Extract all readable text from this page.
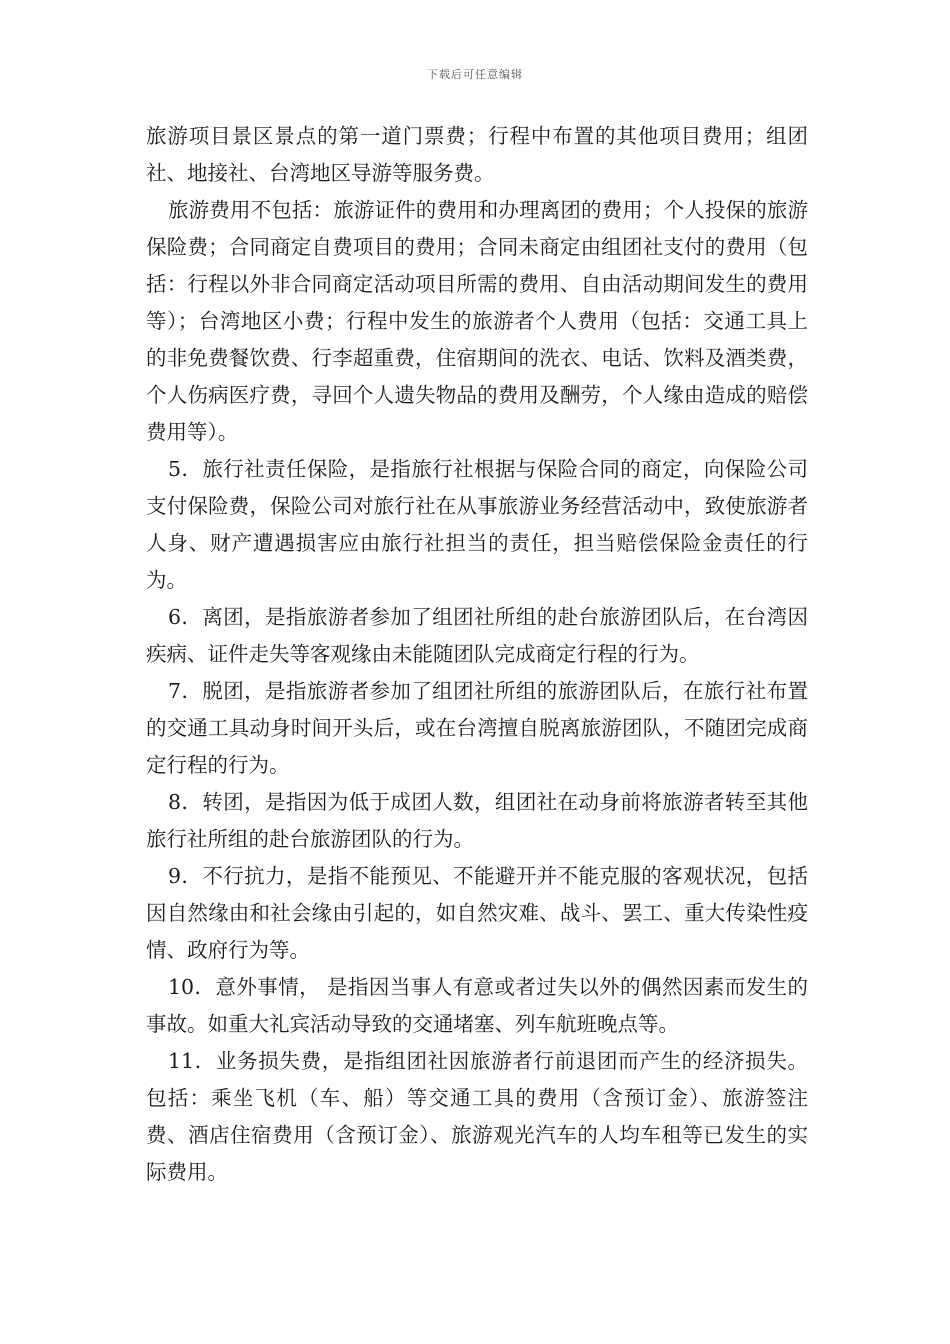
下载后可任意编辑

旅游项目景区景点的第一道门票费；行程中布置的其他项目费用；组团社、地接社、台湾地区导游等服务费。

旅游费用不包括：旅游证件的费用和办理离团的费用；个人投保的旅游保险费；合同商定自费项目的费用；合同未商定由组团社支付的费用（包括：行程以外非合同商定活动项目所需的费用、自由活动期间发生的费用等）；台湾地区小费；行程中发生的旅游者个人费用（包括：交通工具上的非免费餐饮费、行李超重费，住宿期间的洗衣、电话、饮料及酒类费，个人伤病医疗费，寻回个人遗失物品的费用及酬劳，个人缘由造成的赔偿费用等）。

5．旅行社责任保险，是指旅行社根据与保险合同的商定，向保险公司支付保险费，保险公司对旅行社在从事旅游业务经营活动中，致使旅游者人身、财产遭遇损害应由旅行社担当的责任，担当赔偿保险金责任的行为。

6．离团，是指旅游者参加了组团社所组的赴台旅游团队后，在台湾因疾病、证件走失等客观缘由未能随团队完成商定行程的行为。

7．脱团，是指旅游者参加了组团社所组的旅游团队后，在旅行社布置的交通工具动身时间开头后，或在台湾擅自脱离旅游团队，不随团完成商定行程的行为。

8．转团，是指因为低于成团人数，组团社在动身前将旅游者转至其他旅行社所组的赴台旅游团队的行为。

9．不行抗力，是指不能预见、不能避开并不能克服的客观状况，包括因自然缘由和社会缘由引起的，如自然灾难、战斗、罢工、重大传染性疫情、政府行为等。

10．意外事情， 是指因当事人有意或者过失以外的偶然因素而发生的事故。如重大礼宾活动导致的交通堵塞、列车航班晚点等。

11．业务损失费，是指组团社因旅游者行前退团而产生的经济损失。包括：乘坐飞机（车、船）等交通工具的费用（含预订金）、旅游签注费、酒店住宿费用（含预订金）、旅游观光汽车的人均车租等已发生的实际费用。
